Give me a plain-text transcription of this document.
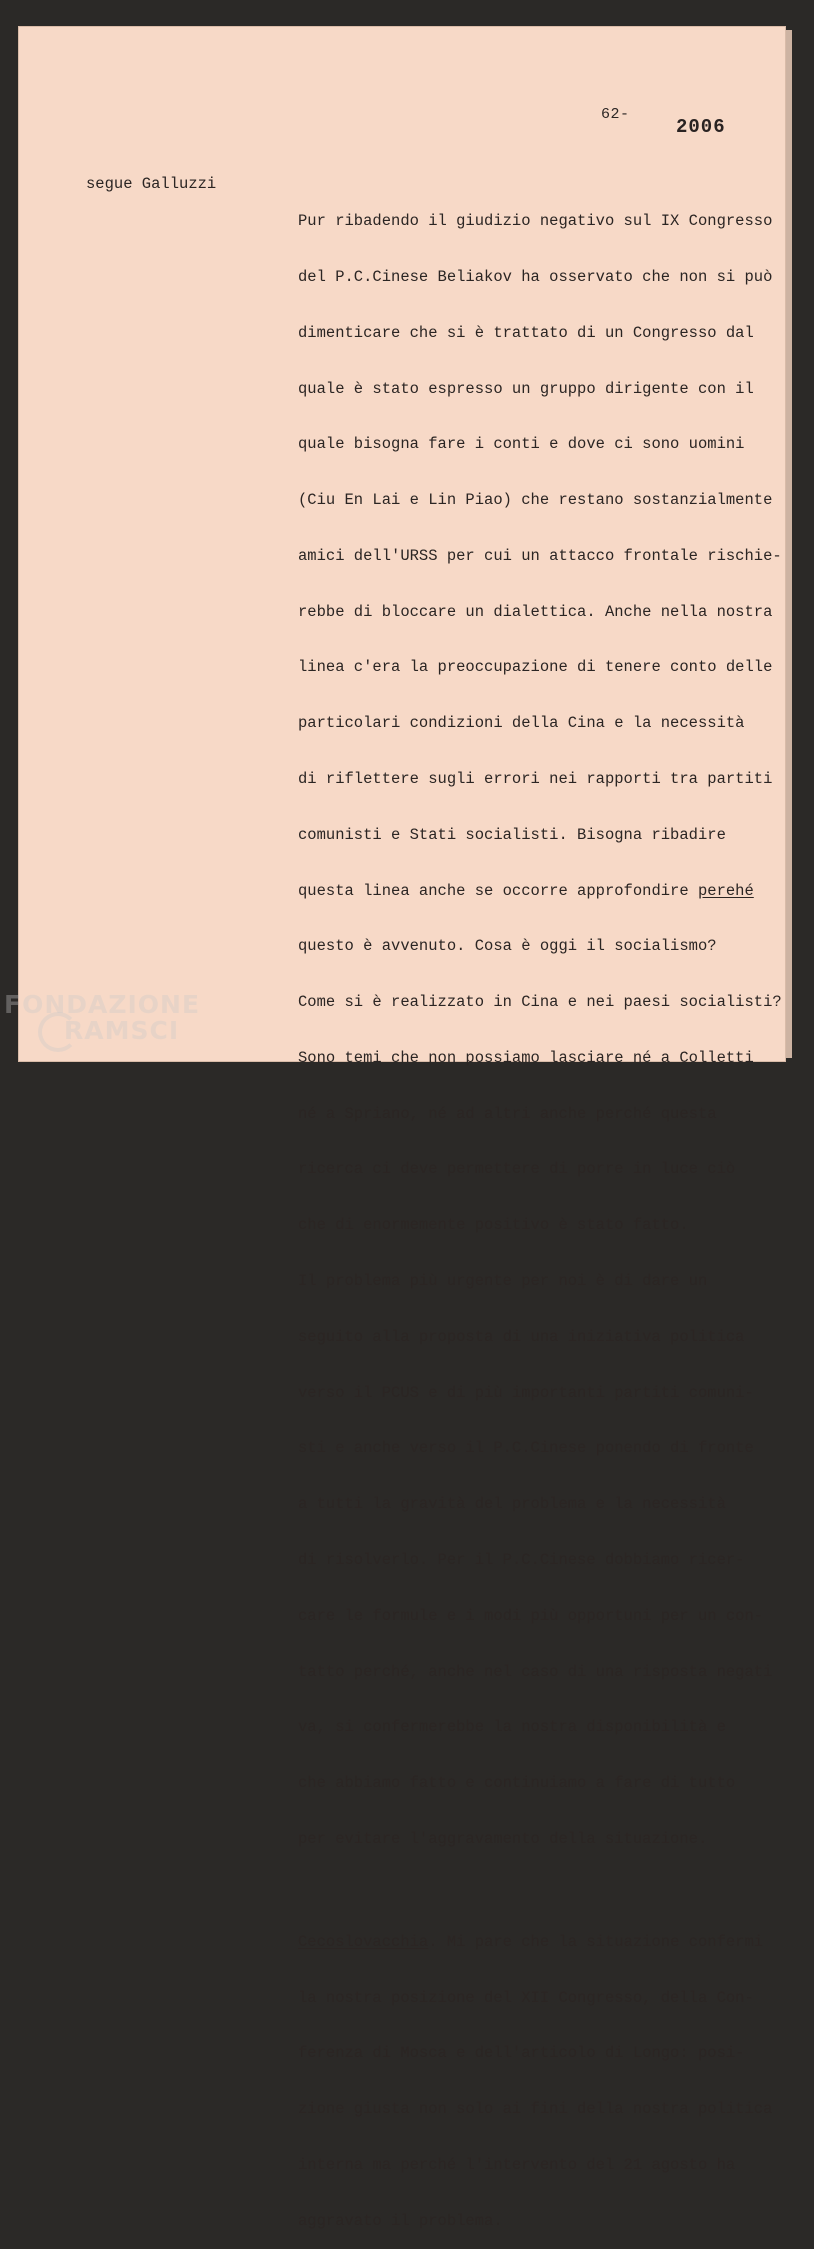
62-
2006
segue Galluzzi

Pur ribadendo il giudizio negativo sul IX Congresso

del P.C.Cinese Beliakov ha osservato che non si può

dimenticare che si è trattato di un Congresso dal

quale è stato espresso un gruppo dirigente con il

quale bisogna fare i conti e dove ci sono uomini

(Ciu En Lai e Lin Piao) che restano sostanzialmente

amici dell'URSS per cui un attacco frontale rischie-

rebbe di bloccare un dialettica. Anche nella nostra

linea c'era la preoccupazione di tenere conto delle

particolari condizioni della Cina e la necessità

di riflettere sugli errori nei rapporti tra partiti

comunisti e Stati socialisti. Bisogna ribadire

questa linea anche se occorre approfondire perehé

questo è avvenuto. Cosa è oggi il socialismo?

Come si è realizzato in Cina e nei paesi socialisti?

Sono temi che non possiamo lasciare né a Colletti

né a Spriano, né ad altri anche perché questa

ricerca ci deve permettere di porre in luce ciò

che di enormemente positivo è stato fatto.

Il problema più urgente per noi è di dare un

seguito alla proposta di una iniziativa politica

verso il PCUS e di più importanti partiti comuni-

sti e anche verso il P.C.Cinese ponendo di fronte

a tutti la gravità del problema e la necessità

di risolverlo. Per il P.C.Cinese dobbiamo ricer-

care le formule e i modi più opportuni per un con-

tatto perché, anche nel caso di una risposta negati

va, si confermerebbe la nostra disponibilità e

che abbiamo fatto e continuiamo a fare di tutto

per evitare l'aggravamento della situazione.

Cecoslovacchia. Mi pare che la situazione confermi

la nostra posizione del XII Congresso, della Con-

ferenza di Mosca e dell'articolo di Longo: posi-

zione giusta non solo ai fini della nostra politica

interna ma perché l'intervento del 21 agosto ha

aggravato il problema.

FONDAZIONE
RAMSCI
